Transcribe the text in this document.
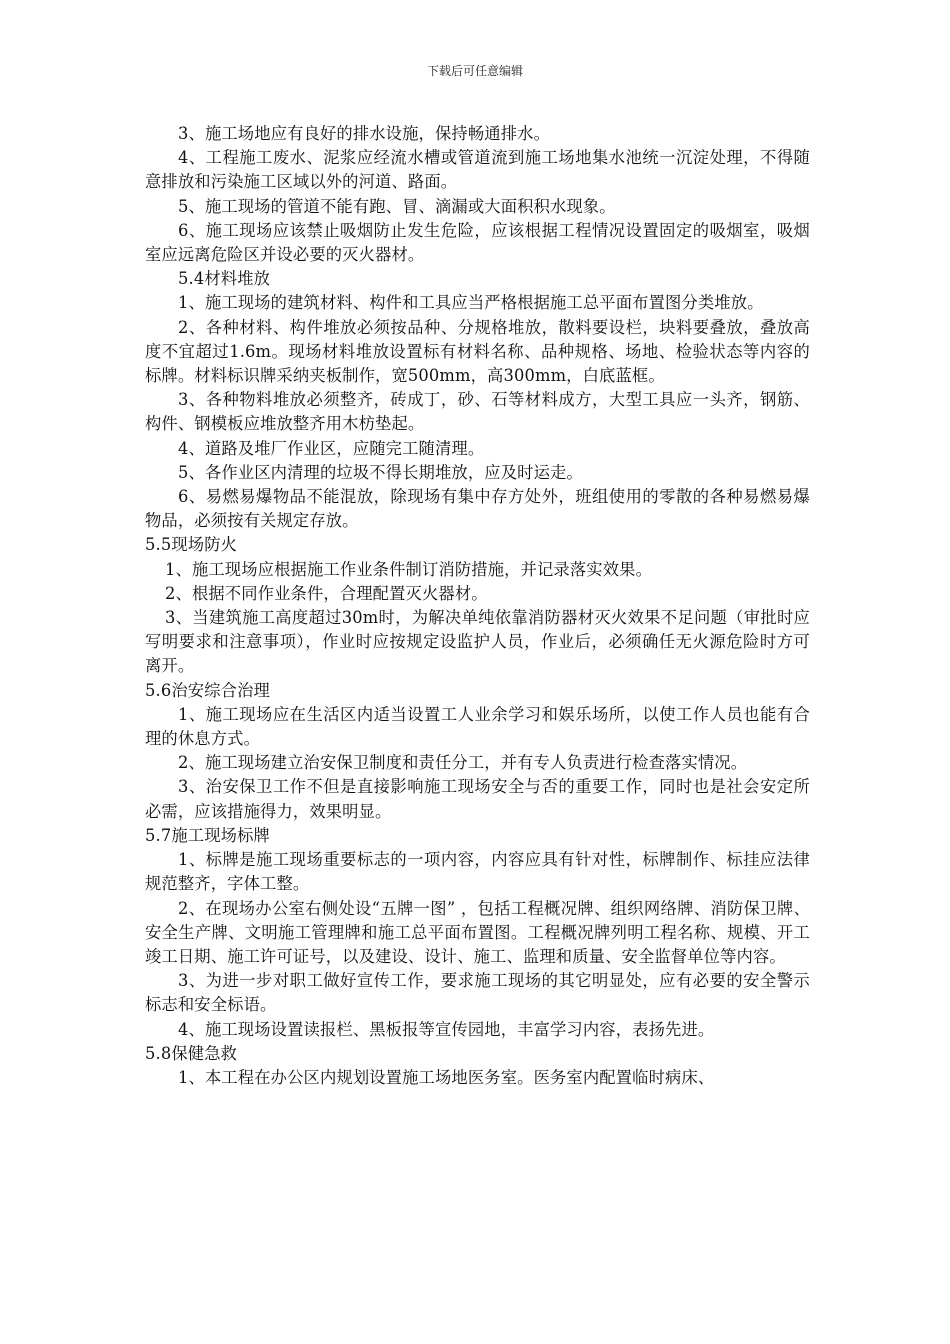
下载后可任意编辑

3、施工场地应有良好的排水设施，保持畅通排水。

4、工程施工废水、泥浆应经流水槽或管道流到施工场地集水池统一沉淀处理，不得随意排放和污染施工区域以外的河道、路面。

5、施工现场的管道不能有跑、冒、滴漏或大面积积水现象。

6、施工现场应该禁止吸烟防止发生危险，应该根据工程情况设置固定的吸烟室，吸烟室应远离危险区并设必要的灭火器材。

5.4材料堆放

1、施工现场的建筑材料、构件和工具应当严格根据施工总平面布置图分类堆放。

2、各种材料、构件堆放必须按品种、分规格堆放，散料要设栏，块料要叠放，叠放高度不宜超过1.6m。现场材料堆放设置标有材料名称、品种规格、场地、检验状态等内容的标牌。材料标识牌采纳夹板制作，宽500mm，高300mm，白底蓝框。

3、各种物料堆放必须整齐，砖成丁，砂、石等材料成方，大型工具应一头齐，钢筋、构件、钢模板应堆放整齐用木枋垫起。

4、道路及堆厂作业区，应随完工随清理。

5、各作业区内清理的垃圾不得长期堆放，应及时运走。

6、易燃易爆物品不能混放，除现场有集中存方处外，班组使用的零散的各种易燃易爆物品，必须按有关规定存放。

5.5现场防火

1、施工现场应根据施工作业条件制订消防措施，并记录落实效果。

2、根据不同作业条件，合理配置灭火器材。

3、当建筑施工高度超过30m时，为解决单纯依靠消防器材灭火效果不足问题（审批时应写明要求和注意事项），作业时应按规定设监护人员，作业后，必须确任无火源危险时方可离开。

5.6治安综合治理

1、施工现场应在生活区内适当设置工人业余学习和娱乐场所，以使工作人员也能有合理的休息方式。

2、施工现场建立治安保卫制度和责任分工，并有专人负责进行检查落实情况。

3、治安保卫工作不但是直接影响施工现场安全与否的重要工作，同时也是社会安定所必需，应该措施得力，效果明显。

5.7施工现场标牌

1、标牌是施工现场重要标志的一项内容，内容应具有针对性，标牌制作、标挂应法律规范整齐，字体工整。

2、在现场办公室右侧处设“五牌一图” ，包括工程概况牌、组织网络牌、消防保卫牌、安全生产牌、文明施工管理牌和施工总平面布置图。工程概况牌列明工程名称、规模、开工竣工日期、施工许可证号，以及建设、设计、施工、监理和质量、安全监督单位等内容。

3、为进一步对职工做好宣传工作，要求施工现场的其它明显处，应有必要的安全警示标志和安全标语。

4、施工现场设置读报栏、黑板报等宣传园地，丰富学习内容，表扬先进。

5.8保健急救

1、本工程在办公区内规划设置施工场地医务室。医务室内配置临时病床、
